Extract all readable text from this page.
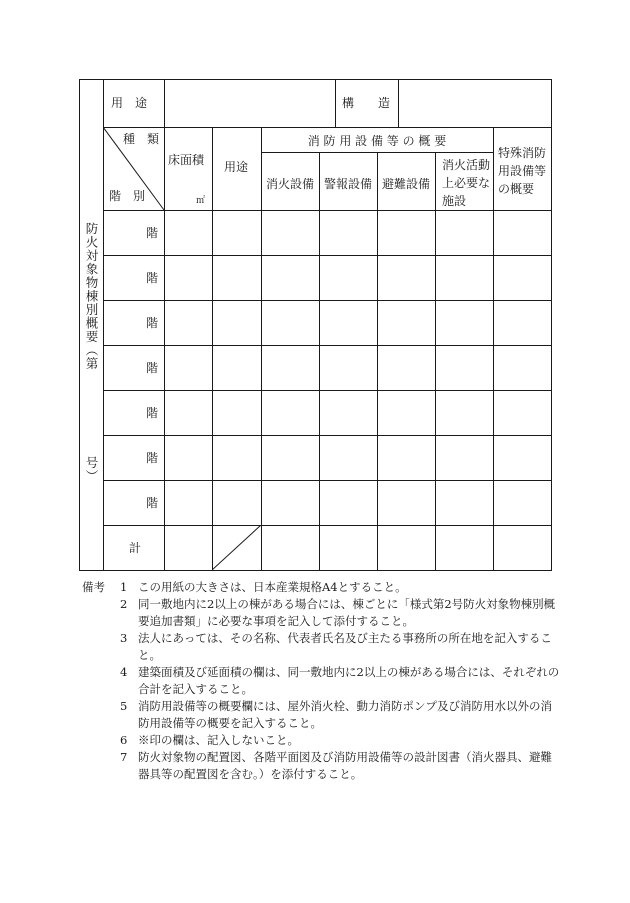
防火対象物棟別概要（第
号）
用　途	構　　造
種　類
階　別
床面積
㎡
用途
消 防 用 設 備 等 の 概 要
消火設備 警報設備 避難設備
消火活動
上必要な
施設
特殊消防
用設備等
の概要
階
階
階
階
階
階
階
計
備考 1 この用紙の大きさは、日本産業規格A4とすること。
2 同一敷地内に2以上の棟がある場合には、棟ごとに「様式第2号防火対象物棟別概要追加書類」に必要な事項を記入して添付すること。
3 法人にあっては、その名称、代表者氏名及び主たる事務所の所在地を記入すること。
4 建築面積及び延面積の欄は、同一敷地内に2以上の棟がある場合には、それぞれの合計を記入すること。
5 消防用設備等の概要欄には、屋外消火栓、動力消防ポンプ及び消防用水以外の消防用設備等の概要を記入すること。
6 ※印の欄は、記入しないこと。
7 防火対象物の配置図、各階平面図及び消防用設備等の設計図書（消火器具、避難器具等の配置図を含む。）を添付すること。
